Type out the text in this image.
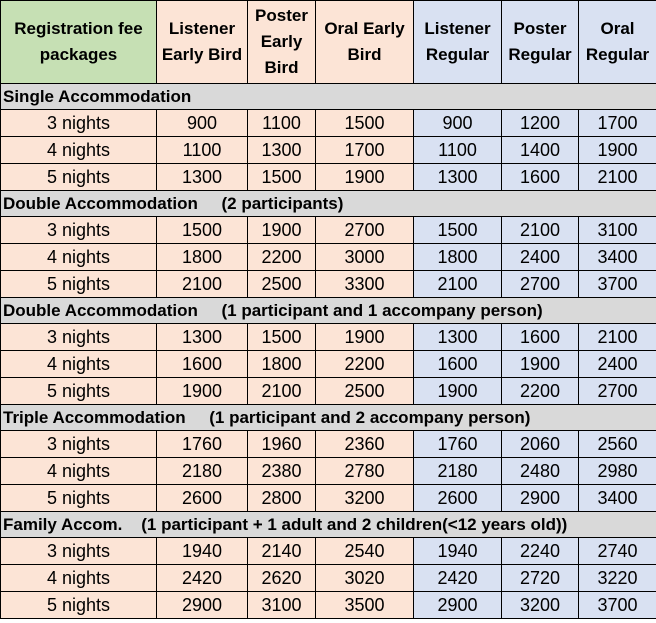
Registration fee packages	Listener Early Bird	Poster Early Bird	Oral Early Bird	Listener Regular	Poster Regular	Oral Regular
Single Accommodation						
3 nights	900	1100	1500	900	1200	1700
4 nights	1100	1300	1700	1100	1400	1900
5 nights	1300	1500	1900	1300	1600	2100
Double Accommodation     (2 participants)						
3 nights	1500	1900	2700	1500	2100	3100
4 nights	1800	2200	3000	1800	2400	3400
5 nights	2100	2500	3300	2100	2700	3700
Double Accommodation     (1 participant and 1 accompany person)						
3 nights	1300	1500	1900	1300	1600	2100
4 nights	1600	1800	2200	1600	1900	2400
5 nights	1900	2100	2500	1900	2200	2700
Triple Accommodation     (1 participant and 2 accompany person)						
3 nights	1760	1960	2360	1760	2060	2560
4 nights	2180	2380	2780	2180	2480	2980
5 nights	2600	2800	3200	2600	2900	3400
Family Accom.    (1 participant + 1 adult and 2 children(<12 years old))						
3 nights	1940	2140	2540	1940	2240	2740
4 nights	2420	2620	3020	2420	2720	3220
5 nights	2900	3100	3500	2900	3200	3700
